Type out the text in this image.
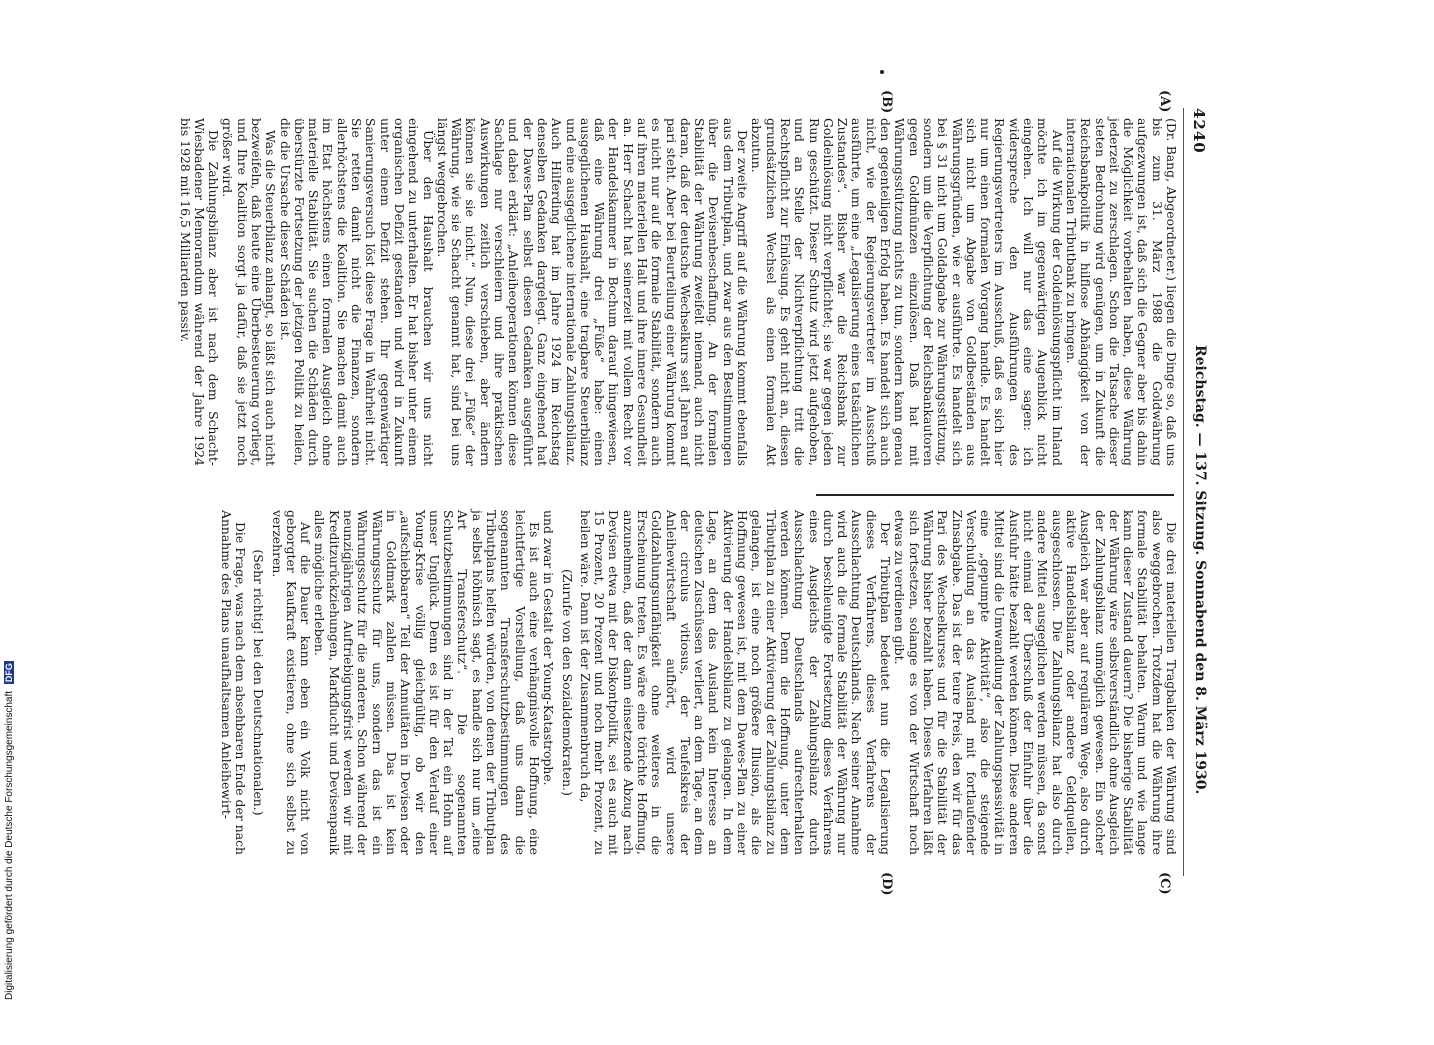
4240
Reichstag. — 137. Sitzung. Sonnabend den 8. März 1930.
(A)
(B)
(C)
(D)

(Dr. Bang, Abgeordneter.) liegen die Dinge so, daß uns bis zum 31. März 1988 die Goldwährung aufgezwungen ist, daß sich die Gegner aber bis dahin die Möglichkeit vorbehalten haben, diese Währung jederzeit zu zerschlagen. Schon die Tatsache dieser steten Bedrohung wird genügen, um in Zukunft die Reichsbankpolitik in hilflose Abhängigkeit von der internationalen Tributbank zu bringen.

Auf die Wirkung der Goldeinlösungspflicht im Inland möchte ich im gegenwärtigen Augenblick nicht eingehen. Ich will nur das eine sagen: ich widerspreche den Ausführungen des Regierungsvertreters im Ausschuß, daß es sich hier nur um einen formalen Vorgang handle. Es handelt sich nicht um Abgabe von Goldbeständen aus Währungsgründen, wie er ausführte. Es handelt sich bei § 31 nicht um Goldabgabe zur Währungsstützung, sondern um die Verpflichtung der Reichsbankautoren gegen Goldmünzen einzulösen. Daß hat mit Währungsstützung nichts zu tun, sondern kann genau den gegenteiligen Erfolg haben. Es handelt sich auch nicht, wie der Regierungsvertreter im Ausschuß ausführte, um eine „Legalisierung eines tatsächlichen Zustandes“. Bisher war die Reichsbank zur Goldeinlösung nicht verpflichtet; sie war gegen jeden Run geschützt. Dieser Schutz wird jetzt aufgehoben, und an Stelle der Nichtverpflichtung tritt die Rechtspflicht zur Einlösung. Es geht nicht an, diesen grundsätzlichen Wechsel als einen formalen Akt abzutun.

Der zweite Angriff auf die Währung kommt ebenfalls aus dem Tributplan, und zwar aus den Bestimmungen über die Devisenbeschaffung. An der formalen Stabilität der Währung zweifelt niemand, auch nicht daran, daß der deutsche Wechselkurs seit Jahren auf pari steht. Aber bei Beurteilung einer Währung kommt es nicht nur auf die formale Stabilität, sondern auch auf ihren materiellen Halt und ihre innere Gesundheit an. Herr Schacht hat seinerzeit mit vollem Recht vor der Handelskammer in Bochum darauf hingewiesen, daß eine Währung drei „Füße“ habe: einen ausgeglichenen Haushalt, eine tragbare Steuerbilanz und eine ausgeglichene internationale Zahlungsbilanz. Auch Hilferding hat im Jahre 1924 im Reichstag denselben Gedanken dargelegt. Ganz eingehend hat der Dawes-Plan selbst diesen Gedanken ausgeführt und dabei erklärt: „Anleiheoperationen können diese Sachlage nur verschleiern und ihre praktischen Auswirkungen zeitlich verschieben, aber ändern können sie sie nicht.“ Nun, diese drei „Füße“ der Währung, wie sie Schacht genannt hat, sind bei uns längst weggebrochen.

Über den Haushalt brauchen wir uns nicht eingehend zu unterhalten. Er hat bisher unter einem organischen Defizit gestanden und wird in Zukunft unter einem Defizit stehen. Ihr gegenwärtiger Sanierungsversuch löst diese Frage in Wahrheit nicht. Sie retten damit nicht die Finanzen, sondern allerhöchstens die Koalition. Sie machen damit auch im Etat höchstens einen formalen Ausgleich ohne materielle Stabilität. Sie suchen die Schäden durch überstürzte Fortsetzung der jetzigen Politik zu heilen, die die Ursache dieser Schäden ist.

Was die Steuerbilanz anlangt, so läßt sich auch nicht bezweifeln, daß heute eine Überbesteuerung vorliegt, und Ihre Koalition sorgt ja dafür, daß sie jetzt noch größer wird.

Die Zahlungsbilanz aber ist nach dem Schacht-Wiesbadener Memorandum während der Jahre 1924 bis 1928 mit 16,5 Milliarden passiv.

Die drei materiellen Tragbalken der Währung sind also weggebrochen. Trotzdem hat die Währung ihre formale Stabilität behalten. Warum und wie lange kann dieser Zustand dauern? Die bisherige Stabilität der Währung wäre selbstverständlich ohne Ausgleich der Zahlungsbilanz unmöglich gewesen. Ein solcher Ausgleich war aber auf regulärem Wege, also durch aktive Handelsbilanz oder andere Geldquellen, ausgeschlossen. Die Zahlungsbilanz hat also durch andere Mittel ausgeglichen werden müssen, da sonst nicht einmal der Überschuß der Einfuhr über die Ausfuhr hätte bezahlt werden können. Diese anderen Mittel sind die Umwandlung der Zahlungspassivität in eine „gepumpte Aktivität“, also die steigende Verschuldung an das Ausland mit fortlaufender Zinsabgabe. Das ist der teure Preis, den wir für das Pari des Wechselkurses und für die Stabilität der Währung bisher bezahlt haben. Dieses Verfahren läßt sich fortsetzen, solange es von der Wirtschaft noch etwas zu verdienen gibt.

Der Tributplan bedeutet nun die Legalisierung dieses Verfahrens, dieses Verfahrens der Ausschlachtung Deutschlands. Nach seiner Annahme wird auch die formale Stabilität der Währung nur durch beschleunigte Fortsetzung dieses Verfahrens eines Ausgleichs der Zahlungsbilanz durch Ausschlachtung Deutschlands aufrechterhalten werden können. Denn die Hoffnung, unter dem Tributplan zu einer Aktivierung der Zahlungsbilanz zu gelangen, ist eine noch größere Illusion, als die Hoffnung gewesen ist, mit dem Dawes-Plan zu einer Aktivierung der Handelsbilanz zu gelangen. In dem Lage, an dem das Ausland kein Interesse an deutschen Zuschüssen verliert, an dem Tage, an dem der circulus vitiosus, der Teufelskreis der Anleihewirtschaft aufhört, wird unsere Goldzahlungsunfähigkeit ohne weiteres in die Erscheinung treten. Es wäre eine törichte Hoffnung, anzunehmen, daß der dann einsetzende Abzug nach Devisen etwa mit der Diskontpolitik, sei es auch mit 15 Prozent, 20 Prozent und noch mehr Prozent, zu heilen wäre. Dann ist der Zusammenbruch da,

(Zurufe von den Sozialdemokraten.)

und zwar in Gestalt der Young-Katastrophe.

Es ist auch eine verhängnisvolle Hoffnung, eine leichtfertige Vorstellung, daß uns dann die sogenannten Transferschutzbestimmungen des Tributplans helfen würden, von denen der Tributplan ja selbst höhnisch sagt, es handle sich nur um „eine Art Transferschutz“. Die sogenannten Schutzbestimmungen sind in der Tat ein Hohn auf unser Unglück. Denn es ist für den Verlauf einer Young-Krise völlig gleichgültig, ob wir den „aufschiebbaren“ Teil der Annuitäten in Devisen oder in Goldmark zahlen müssen. Das ist kein Währungsschutz für uns, sondern das ist ein Währungsschutz für die anderen. Schon während der neunzigjährigen Auftriebigungsfrist werden wir mit Kreditzurückziehungen, Markflucht und Devisenpanik alles mögliche erleben.

Auf die Dauer kann eben ein Volk nicht von geborgter Kaufkraft existieren, ohne sich selbst zu verzehren.

(Sehr richtig! bei den Deutschnationalen.)

Die Frage, was nach dem absehbaren Ende der nach Annahme des Plans unaufhaltsamen Anleihewirt-

Digitalisierung gefördert durch die Deutsche Forschungsgemeinschaft DFG
